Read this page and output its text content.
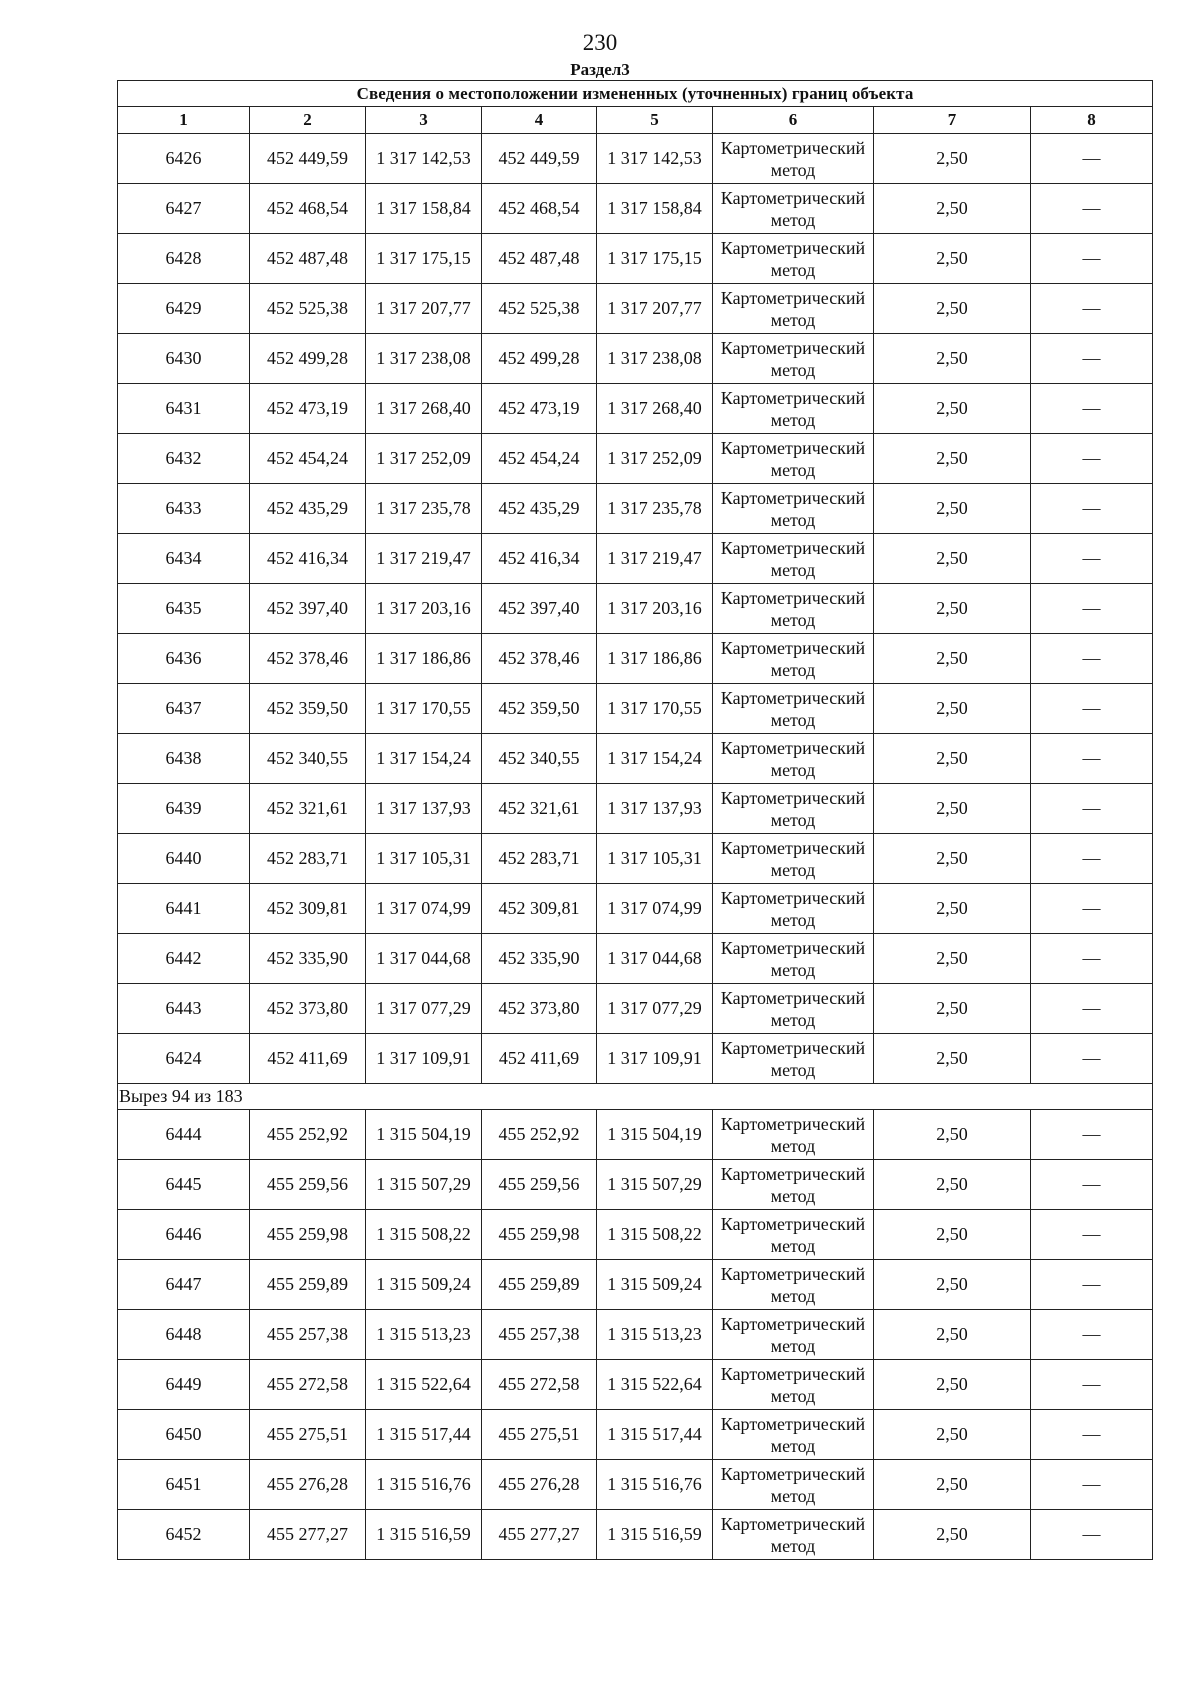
230
Раздел3
Сведения о местоположении измененных (уточненных) границ объекта							
1	2	3	4	5	6	7	8
6426	452 449,59	1 317 142,53	452 449,59	1 317 142,53	Картометрический метод	2,50	—
6427	452 468,54	1 317 158,84	452 468,54	1 317 158,84	Картометрический метод	2,50	—
6428	452 487,48	1 317 175,15	452 487,48	1 317 175,15	Картометрический метод	2,50	—
6429	452 525,38	1 317 207,77	452 525,38	1 317 207,77	Картометрический метод	2,50	—
6430	452 499,28	1 317 238,08	452 499,28	1 317 238,08	Картометрический метод	2,50	—
6431	452 473,19	1 317 268,40	452 473,19	1 317 268,40	Картометрический метод	2,50	—
6432	452 454,24	1 317 252,09	452 454,24	1 317 252,09	Картометрический метод	2,50	—
6433	452 435,29	1 317 235,78	452 435,29	1 317 235,78	Картометрический метод	2,50	—
6434	452 416,34	1 317 219,47	452 416,34	1 317 219,47	Картометрический метод	2,50	—
6435	452 397,40	1 317 203,16	452 397,40	1 317 203,16	Картометрический метод	2,50	—
6436	452 378,46	1 317 186,86	452 378,46	1 317 186,86	Картометрический метод	2,50	—
6437	452 359,50	1 317 170,55	452 359,50	1 317 170,55	Картометрический метод	2,50	—
6438	452 340,55	1 317 154,24	452 340,55	1 317 154,24	Картометрический метод	2,50	—
6439	452 321,61	1 317 137,93	452 321,61	1 317 137,93	Картометрический метод	2,50	—
6440	452 283,71	1 317 105,31	452 283,71	1 317 105,31	Картометрический метод	2,50	—
6441	452 309,81	1 317 074,99	452 309,81	1 317 074,99	Картометрический метод	2,50	—
6442	452 335,90	1 317 044,68	452 335,90	1 317 044,68	Картометрический метод	2,50	—
6443	452 373,80	1 317 077,29	452 373,80	1 317 077,29	Картометрический метод	2,50	—
6424	452 411,69	1 317 109,91	452 411,69	1 317 109,91	Картометрический метод	2,50	—
Вырез 94 из 183							
6444	455 252,92	1 315 504,19	455 252,92	1 315 504,19	Картометрический метод	2,50	—
6445	455 259,56	1 315 507,29	455 259,56	1 315 507,29	Картометрический метод	2,50	—
6446	455 259,98	1 315 508,22	455 259,98	1 315 508,22	Картометрический метод	2,50	—
6447	455 259,89	1 315 509,24	455 259,89	1 315 509,24	Картометрический метод	2,50	—
6448	455 257,38	1 315 513,23	455 257,38	1 315 513,23	Картометрический метод	2,50	—
6449	455 272,58	1 315 522,64	455 272,58	1 315 522,64	Картометрический метод	2,50	—
6450	455 275,51	1 315 517,44	455 275,51	1 315 517,44	Картометрический метод	2,50	—
6451	455 276,28	1 315 516,76	455 276,28	1 315 516,76	Картометрический метод	2,50	—
6452	455 277,27	1 315 516,59	455 277,27	1 315 516,59	Картометрический метод	2,50	—
